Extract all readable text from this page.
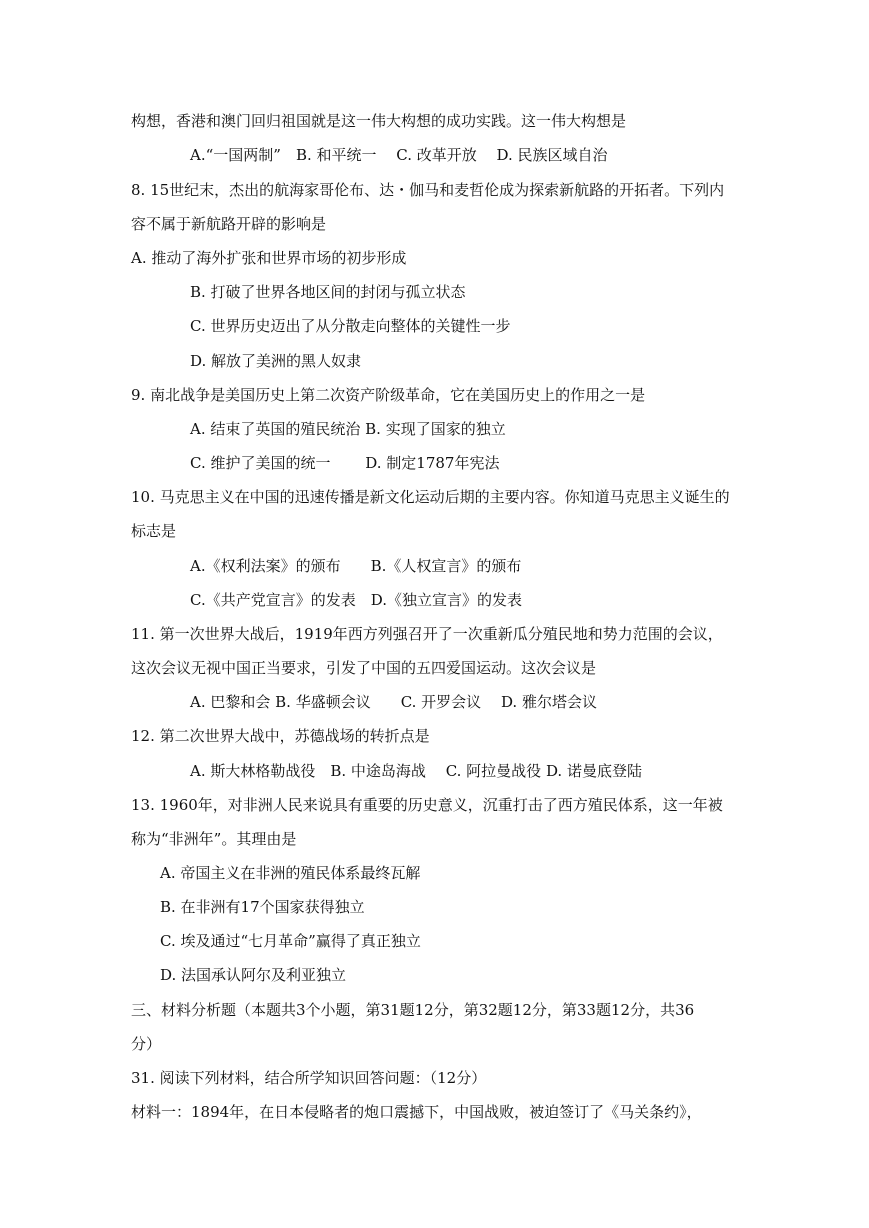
构想，香港和澳门回归祖国就是这一伟大构想的成功实践。这一伟大构想是
A.“一国两制”　B. 和平统一　 C. 改革开放　 D. 民族区域自治
8. 15世纪末，杰出的航海家哥伦布、达・伽马和麦哲伦成为探索新航路的开拓者。下列内
容不属于新航路开辟的影响是
A. 推动了海外扩张和世界市场的初步形成
B. 打破了世界各地区间的封闭与孤立状态
C. 世界历史迈出了从分散走向整体的关键性一步
D. 解放了美洲的黑人奴隶
9. 南北战争是美国历史上第二次资产阶级革命，它在美国历史上的作用之一是
A. 结束了英国的殖民统治 B. 实现了国家的独立
C. 维护了美国的统一　　 D. 制定1787年宪法
10. 马克思主义在中国的迅速传播是新文化运动后期的主要内容。你知道马克思主义诞生的
标志是
A.《权利法案》的颁布　　B.《人权宣言》的颁布
C.《共产党宣言》的发表　D.《独立宣言》的发表
11. 第一次世界大战后，1919年西方列强召开了一次重新瓜分殖民地和势力范围的会议，
这次会议无视中国正当要求，引发了中国的五四爱国运动。这次会议是
A. 巴黎和会 B. 华盛顿会议　　C. 开罗会议　 D. 雅尔塔会议
12. 第二次世界大战中，苏德战场的转折点是
A. 斯大林格勒战役　B. 中途岛海战　 C. 阿拉曼战役 D. 诺曼底登陆
13. 1960年，对非洲人民来说具有重要的历史意义，沉重打击了西方殖民体系，这一年被
称为“非洲年”。其理由是
A. 帝国主义在非洲的殖民体系最终瓦解
B. 在非洲有17个国家获得独立
C. 埃及通过“七月革命”赢得了真正独立
D. 法国承认阿尔及利亚独立
三、材料分析题（本题共3个小题，第31题12分，第32题12分，第33题12分，共36
分）
31. 阅读下列材料，结合所学知识回答问题：（12分）
材料一：1894年，在日本侵略者的炮口震撼下，中国战败，被迫签订了《马关条约》，
